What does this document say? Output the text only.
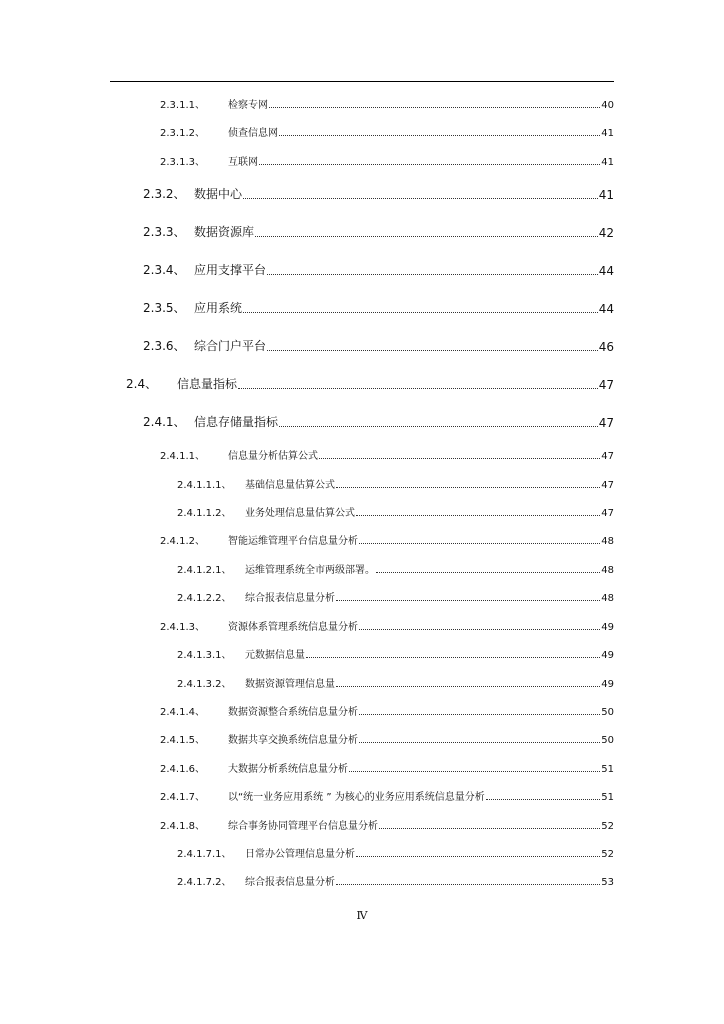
2.3.1.1、	检察专网	40
2.3.1.2、	侦查信息网	41
2.3.1.3、	互联网	41
2.3.2、 数据中心	41
2.3.3、 数据资源库	42
2.3.4、 应用支撑平台	44
2.3.5、 应用系统	44
2.3.6、 综合门户平台	46
2.4、	信息量指标	47
2.4.1、 信息存储量指标	47
2.4.1.1、	信息量分析估算公式	47
2.4.1.1.1、	基础信息量估算公式	47
2.4.1.1.2、	业务处理信息量估算公式	47
2.4.1.2、	智能运维管理平台信息量分析	48
2.4.1.2.1、	运维管理系统全市两级部署。	48
2.4.1.2.2、	综合报表信息量分析	48
2.4.1.3、	资源体系管理系统信息量分析	49
2.4.1.3.1、	元数据信息量	49
2.4.1.3.2、	数据资源管理信息量	49
2.4.1.4、	数据资源整合系统信息量分析	50
2.4.1.5、	数据共享交换系统信息量分析	50
2.4.1.6、	大数据分析系统信息量分析	51
2.4.1.7、	以“统一业务应用系统 ” 为核心的业务应用系统信息量分析	51
2.4.1.8、	综合事务协同管理平台信息量分析	52
2.4.1.7.1、	日常办公管理信息量分析	52
2.4.1.7.2、	综合报表信息量分析	53
Ⅳ
